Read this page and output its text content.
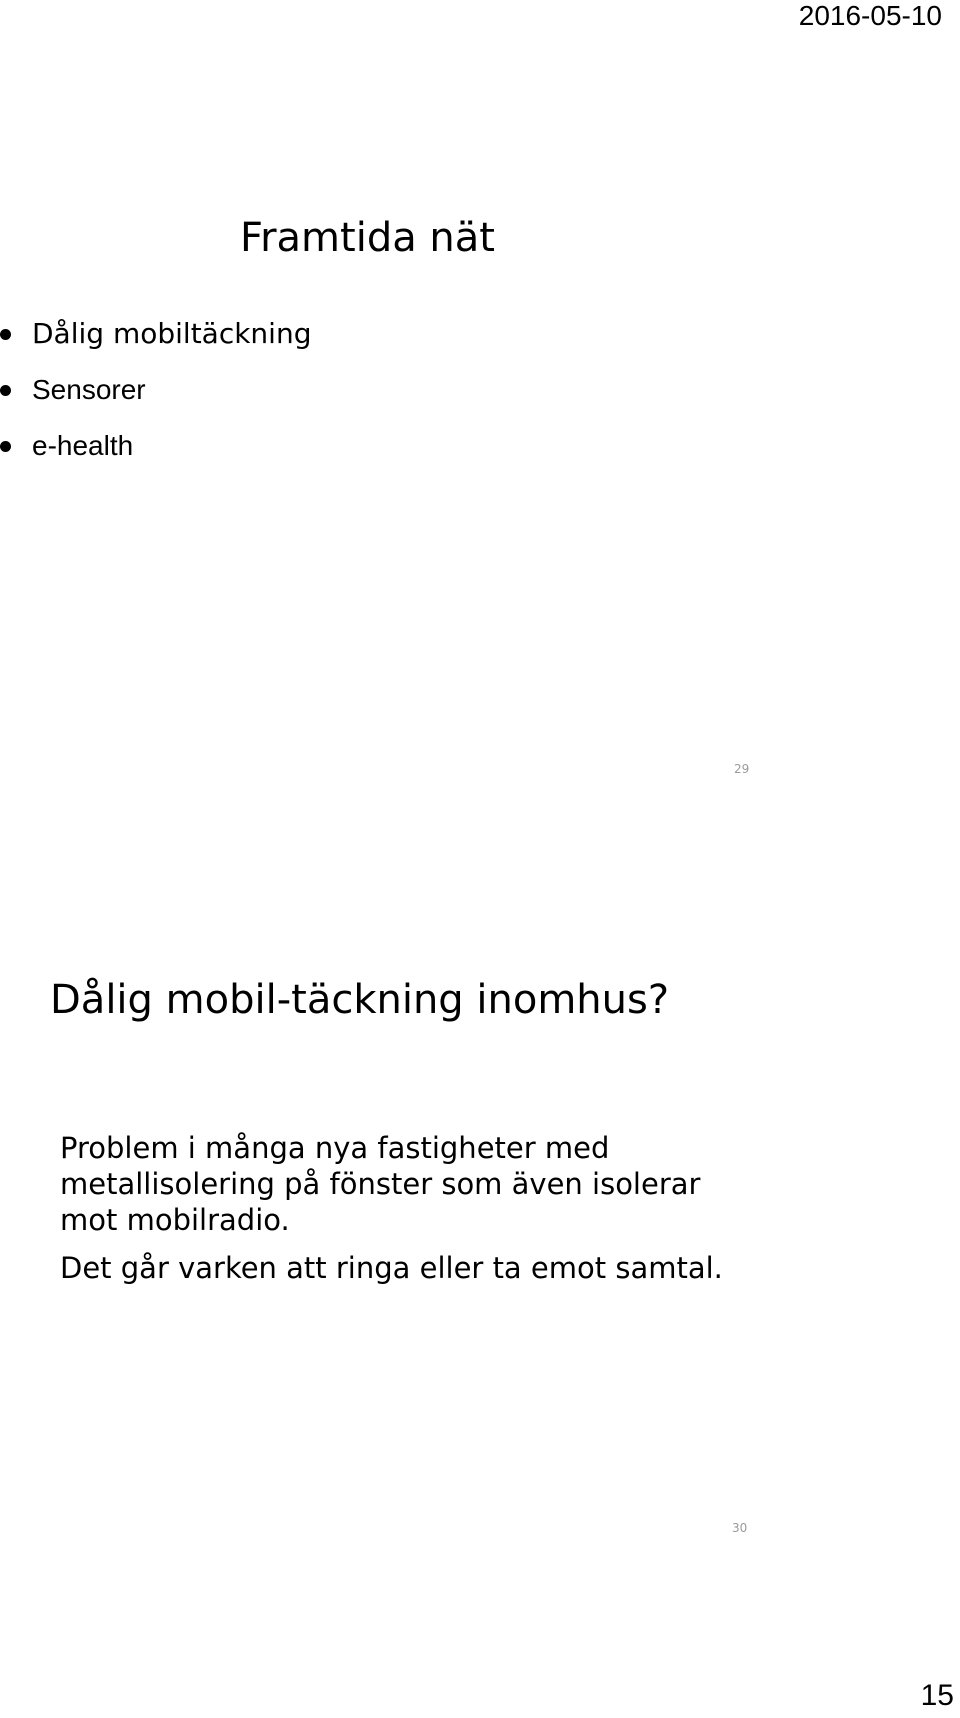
2016-05-10
Framtida nät
Dålig mobiltäckning
Sensorer
e-health
29
Dålig mobil-täckning inomhus?

Problem i många nya fastigheter med metallisolering på fönster som även isolerar mot mobilradio.

Det går varken att ringa eller ta emot samtal.

30
15
